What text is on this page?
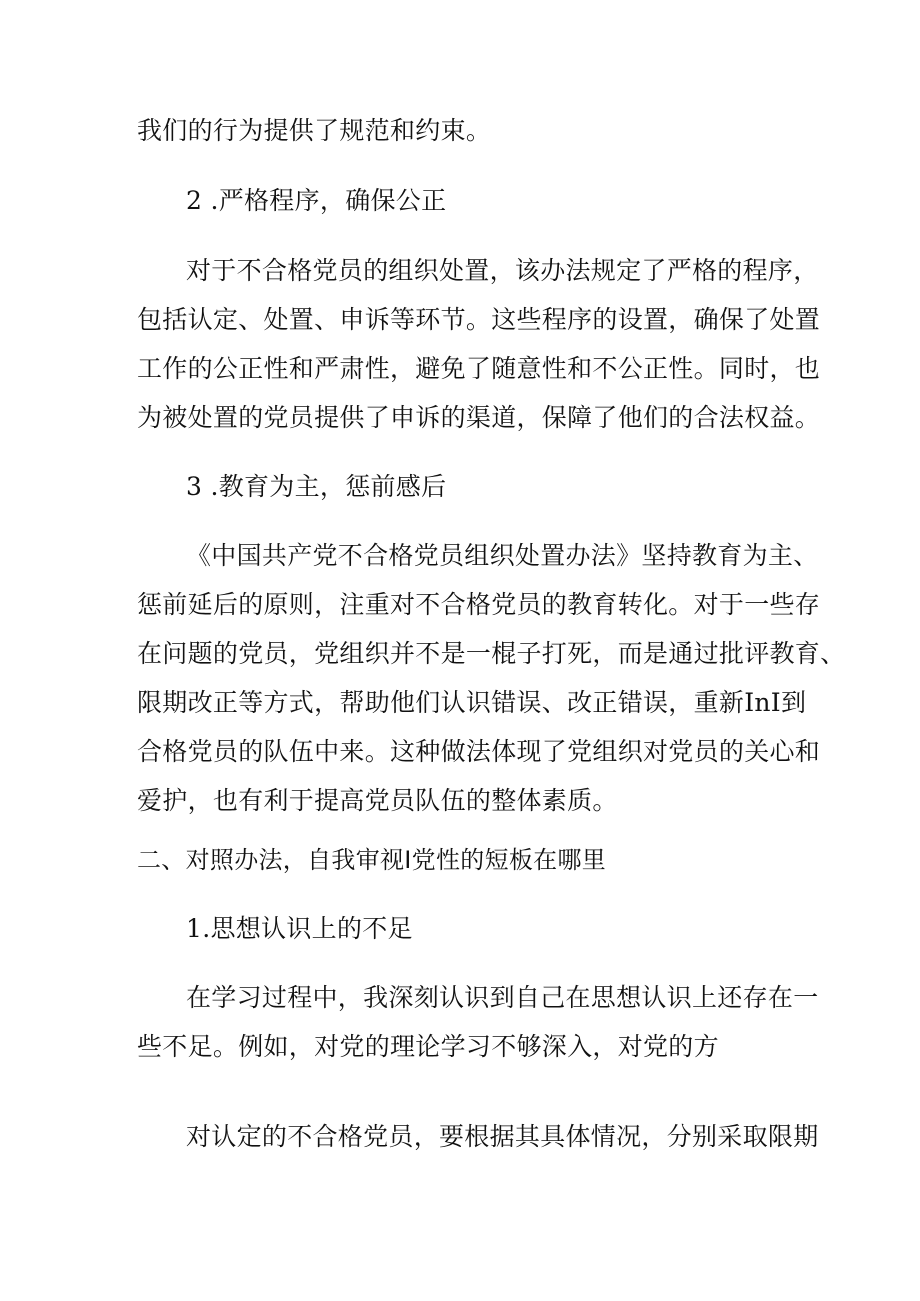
我们的行为提供了规范和约束。
2 .严格程序，确保公正
对于不合格党员的组织处置，该办法规定了严格的程序，
包括认定、处置、申诉等环节。这些程序的设置，确保了处置
工作的公正性和严肃性，避免了随意性和不公正性。同时，也
为被处置的党员提供了申诉的渠道，保障了他们的合法权益。
3 .教育为主，惩前感后
《中国共产党不合格党员组织处置办法》坚持教育为主、
惩前延后的原则，注重对不合格党员的教育转化。对于一些存
在问题的党员，党组织并不是一棍子打死，而是通过批评教育、
限期改正等方式，帮助他们认识错误、改正错误，重新InI到
合格党员的队伍中来。这种做法体现了党组织对党员的关心和
爱护，也有利于提高党员队伍的整体素质。
二、对照办法，自我审视I党性的短板在哪里
1.思想认识上的不足
在学习过程中，我深刻认识到自己在思想认识上还存在一
些不足。例如，对党的理论学习不够深入，对党的方
对认定的不合格党员，要根据其具体情况，分别采取限期
